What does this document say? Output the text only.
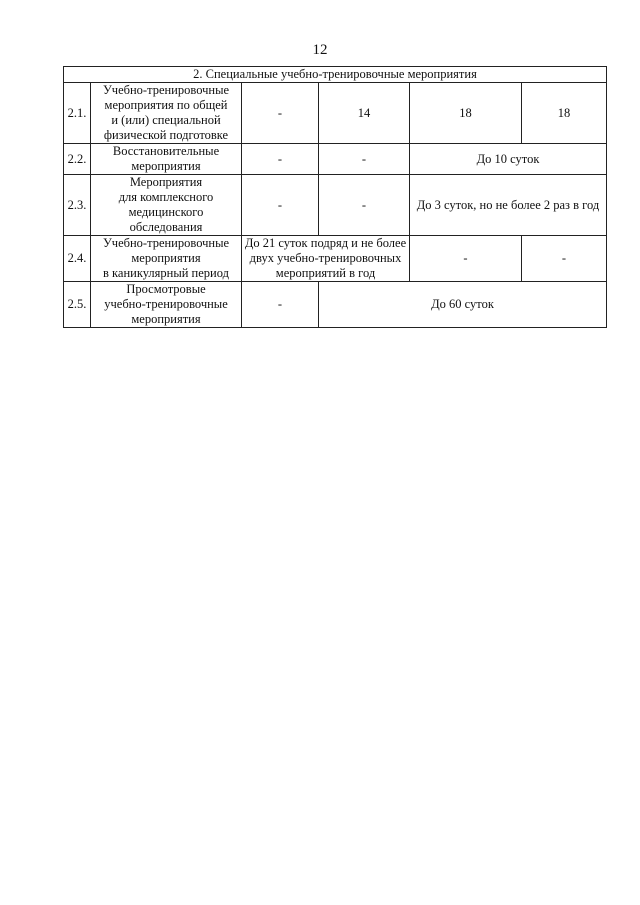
12
2. Специальные учебно-тренировочные мероприятия					
2.1.	Учебно-тренировочные
мероприятия по общей
и (или) специальной
физической подготовке	-	14	18	18
2.2.	Восстановительные
мероприятия	-	-	До 10 суток	
2.3.	Мероприятия
для комплексного
медицинского
обследования	-	-	До 3 суток, но не более 2 раз в год	
2.4.	Учебно-тренировочные
мероприятия
в каникулярный период	До 21 суток подряд и не более
двух учебно-тренировочных
мероприятий в год		-	-
2.5.	Просмотровые
учебно-тренировочные
мероприятия	-	До 60 суток		
